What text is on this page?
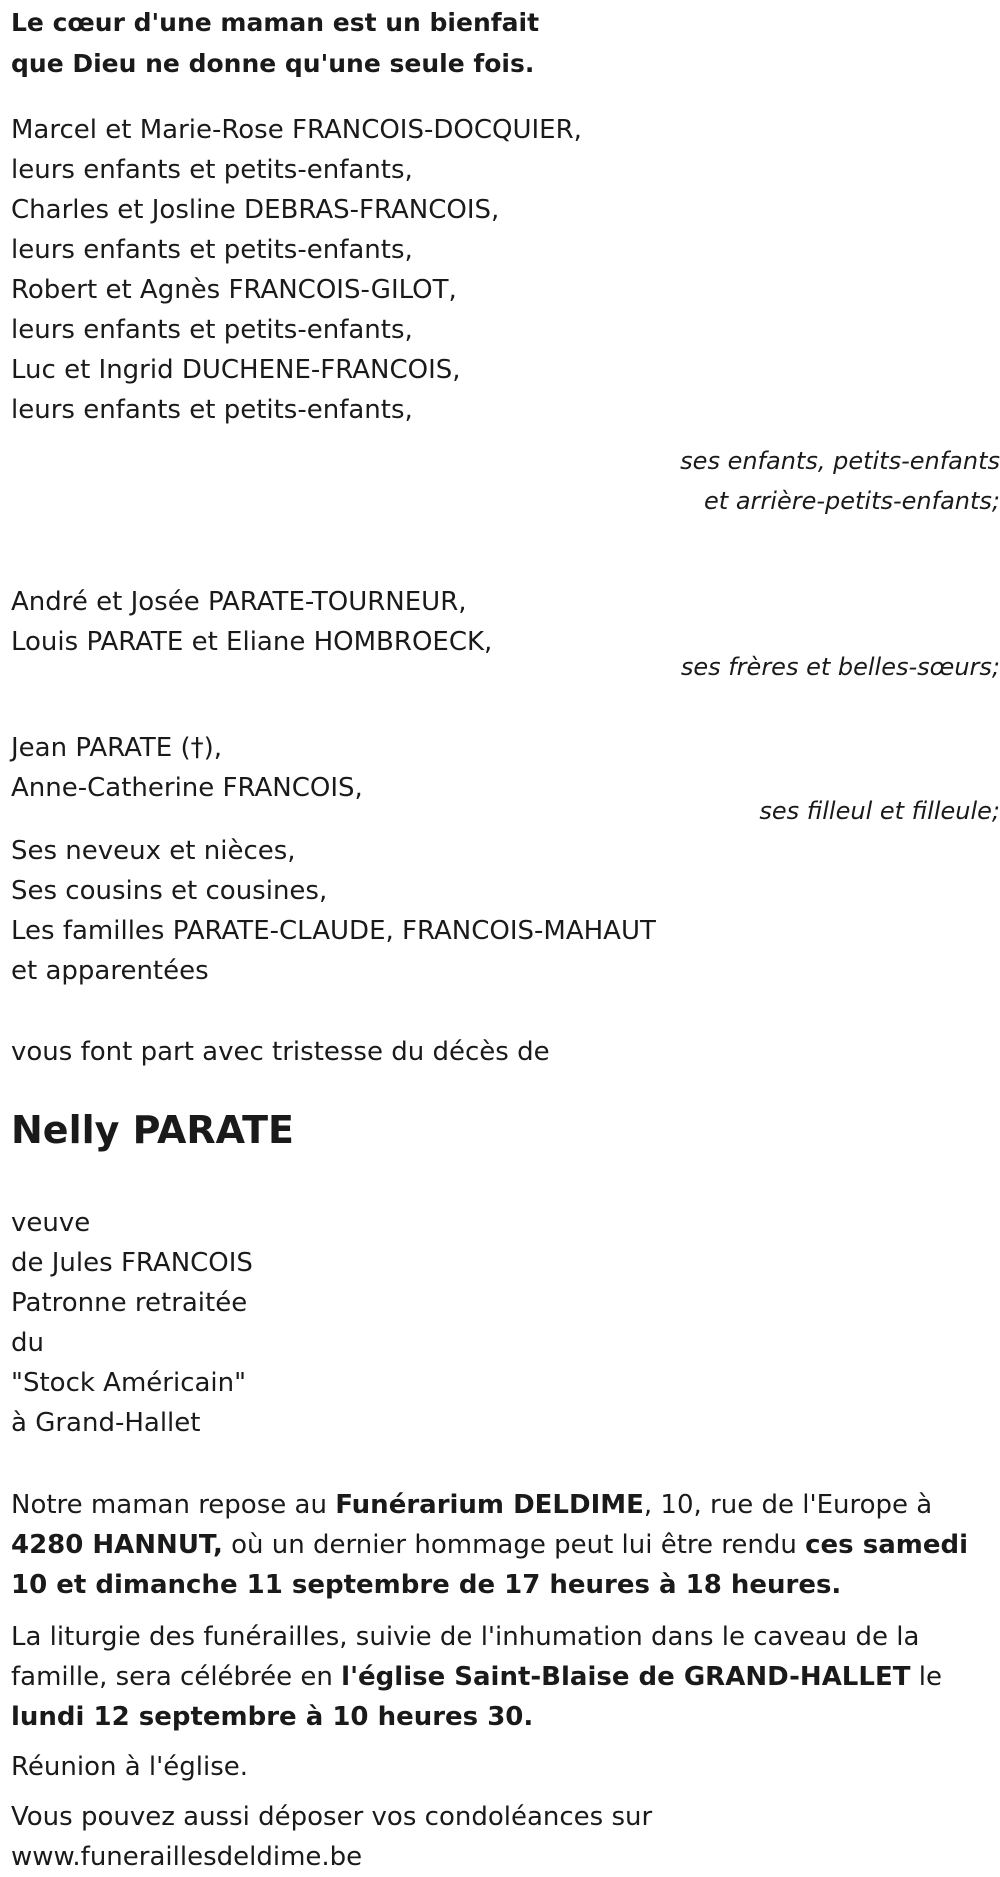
Le cœur d'une maman est un bienfait

que Dieu ne donne qu'une seule fois.

Marcel et Marie-Rose FRANCOIS-DOCQUIER,
leurs enfants et petits-enfants,
Charles et Josline DEBRAS-FRANCOIS,
leurs enfants et petits-enfants,
Robert et Agnès FRANCOIS-GILOT,
leurs enfants et petits-enfants,
Luc et Ingrid DUCHENE-FRANCOIS,
leurs enfants et petits-enfants,
ses enfants, petits-enfants
et arrière-petits-enfants;
André et Josée PARATE-TOURNEUR,
Louis PARATE et Eliane HOMBROECK,
ses frères et belles-sœurs;
Jean PARATE (†),
Anne-Catherine FRANCOIS,
ses filleul et filleule;
Ses neveux et nièces,
Ses cousins et cousines,
Les familles PARATE-CLAUDE, FRANCOIS-MAHAUT
et apparentées

vous font part avec tristesse du décès de

Nelly PARATE
veuve
de Jules FRANCOIS
Patronne retraitée
du
"Stock Américain"
à Grand-Hallet

Notre maman repose au Funérarium DELDIME, 10, rue de l'Europe à 4280 HANNUT, où un dernier hommage peut lui être rendu ces samedi 10 et dimanche 11 septembre de 17 heures à 18 heures.

La liturgie des funérailles, suivie de l'inhumation dans le caveau de la famille, sera célébrée en l'église Saint-Blaise de GRAND-HALLET le lundi 12 septembre à 10 heures 30.

Réunion à l'église.

Vous pouvez aussi déposer vos condoléances sur
www.funeraillesdeldime.be
